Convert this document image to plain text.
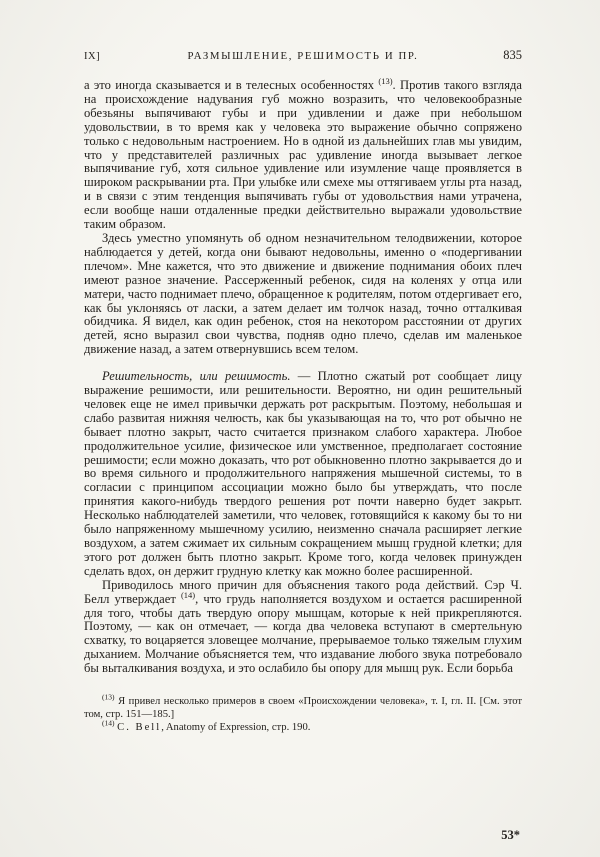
IX]	РАЗМЫШЛЕНИЕ, РЕШИМОСТЬ И ПР.	835

а это иногда сказывается и в телесных особенностях $^{(13)}$. Против такого взгляда на происхождение надувания губ можно возразить, что человекообразные обезьяны выпячивают губы и при удивлении и даже при небольшом удовольствии, в то время как у человека это выражение обычно сопряжено только с недовольным настроением. Но в одной из дальнейших глав мы увидим, что у представителей различных рас удивление иногда вызывает легкое выпячивание губ, хотя сильное удивление или изумление чаще проявляется в широком раскрывании рта. При улыбке или смехе мы оттягиваем углы рта назад, и в связи с этим тенденция выпячивать губы от удовольствия нами утрачена, если вообще наши отдаленные предки действительно выражали удовольствие таким образом.

Здесь уместно упомянуть об одном незначительном телодвижении, которое наблюдается у детей, когда они бывают недовольны, именно о «подергивании плечом». Мне кажется, что это движение и движение поднимания обоих плеч имеют разное значение. Рассерженный ребенок, сидя на коленях у отца или матери, часто поднимает плечо, обращенное к родителям, потом отдергивает его, как бы уклоняясь от ласки, а затем делает им толчок назад, точно отталкивая обидчика. Я видел, как один ребенок, стоя на некотором расстоянии от других детей, ясно выразил свои чувства, подняв одно плечо, сделав им маленькое движение назад, а затем отвернувшись всем телом.

Решительность, или решимость. — Плотно сжатый рот сообщает лицу выражение решимости, или решительности. Вероятно, ни один решительный человек еще не имел привычки держать рот раскрытым. Поэтому, небольшая и слабо развитая нижняя челюсть, как бы указывающая на то, что рот обычно не бывает плотно закрыт, часто считается признаком слабого характера. Любое продолжительное усилие, физическое или умственное, предполагает состояние решимости; если можно доказать, что рот обыкновенно плотно закрывается до и во время сильного и продолжительного напряжения мышечной системы, то в согласии с принципом ассоциации можно было бы утверждать, что после принятия какого-нибудь твердого решения рот почти наверно будет закрыт. Несколько наблюдателей заметили, что человек, готовящийся к какому бы то ни было напряженному мышечному усилию, неизменно сначала расширяет легкие воздухом, а затем сжимает их сильным сокращением мышц грудной клетки; для этого рот должен быть плотно закрыт. Кроме того, когда человек принужден сделать вдох, он держит грудную клетку как можно более расширенной.

Приводилось много причин для объяснения такого рода действий. Сэр Ч. Белл утверждает $^{(14)}$, что грудь наполняется воздухом и остается расширенной для того, чтобы дать твердую опору мышцам, которые к ней прикрепляются. Поэтому, — как он отмечает, — когда два человека вступают в смертельную схватку, то воцаряется зловещее молчание, прерываемое только тяжелым глухим дыханием. Молчание объясняется тем, что издавание любого звука потребовало бы выталкивания воздуха, и это ослабило бы опору для мышц рук. Если борьба

$^{(13)}$ Я привел несколько примеров в своем «Происхождении человека», т. I, гл. II. [См. этот том, стр. 151—185.]

$^{(14)}$ C. Bell, Anatomy of Expression, стр. 190.

53*
